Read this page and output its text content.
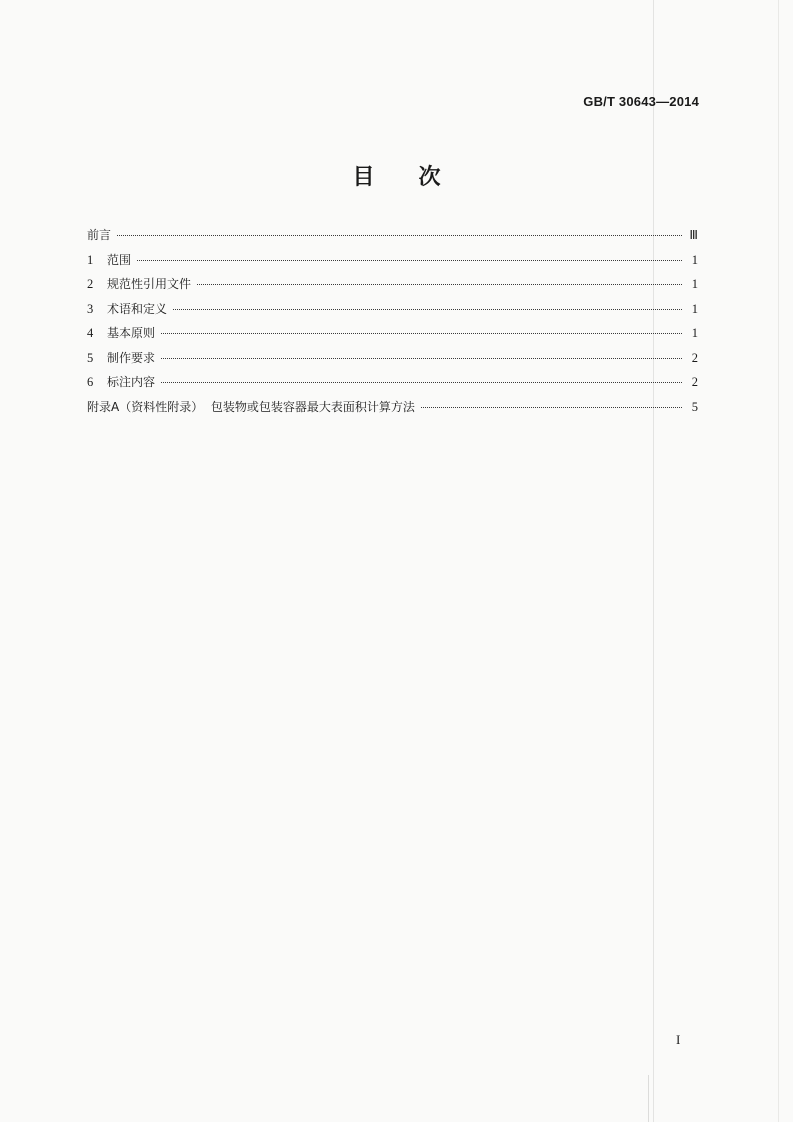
GB/T 30643—2014
目 次
前言	Ⅲ
1	范围	1
2	规范性引用文件	1
3	术语和定义	1
4	基本原则	1
5	制作要求	2
6	标注内容	2
附录A（资料性附录）  包装物或包装容器最大表面积计算方法	5
I
